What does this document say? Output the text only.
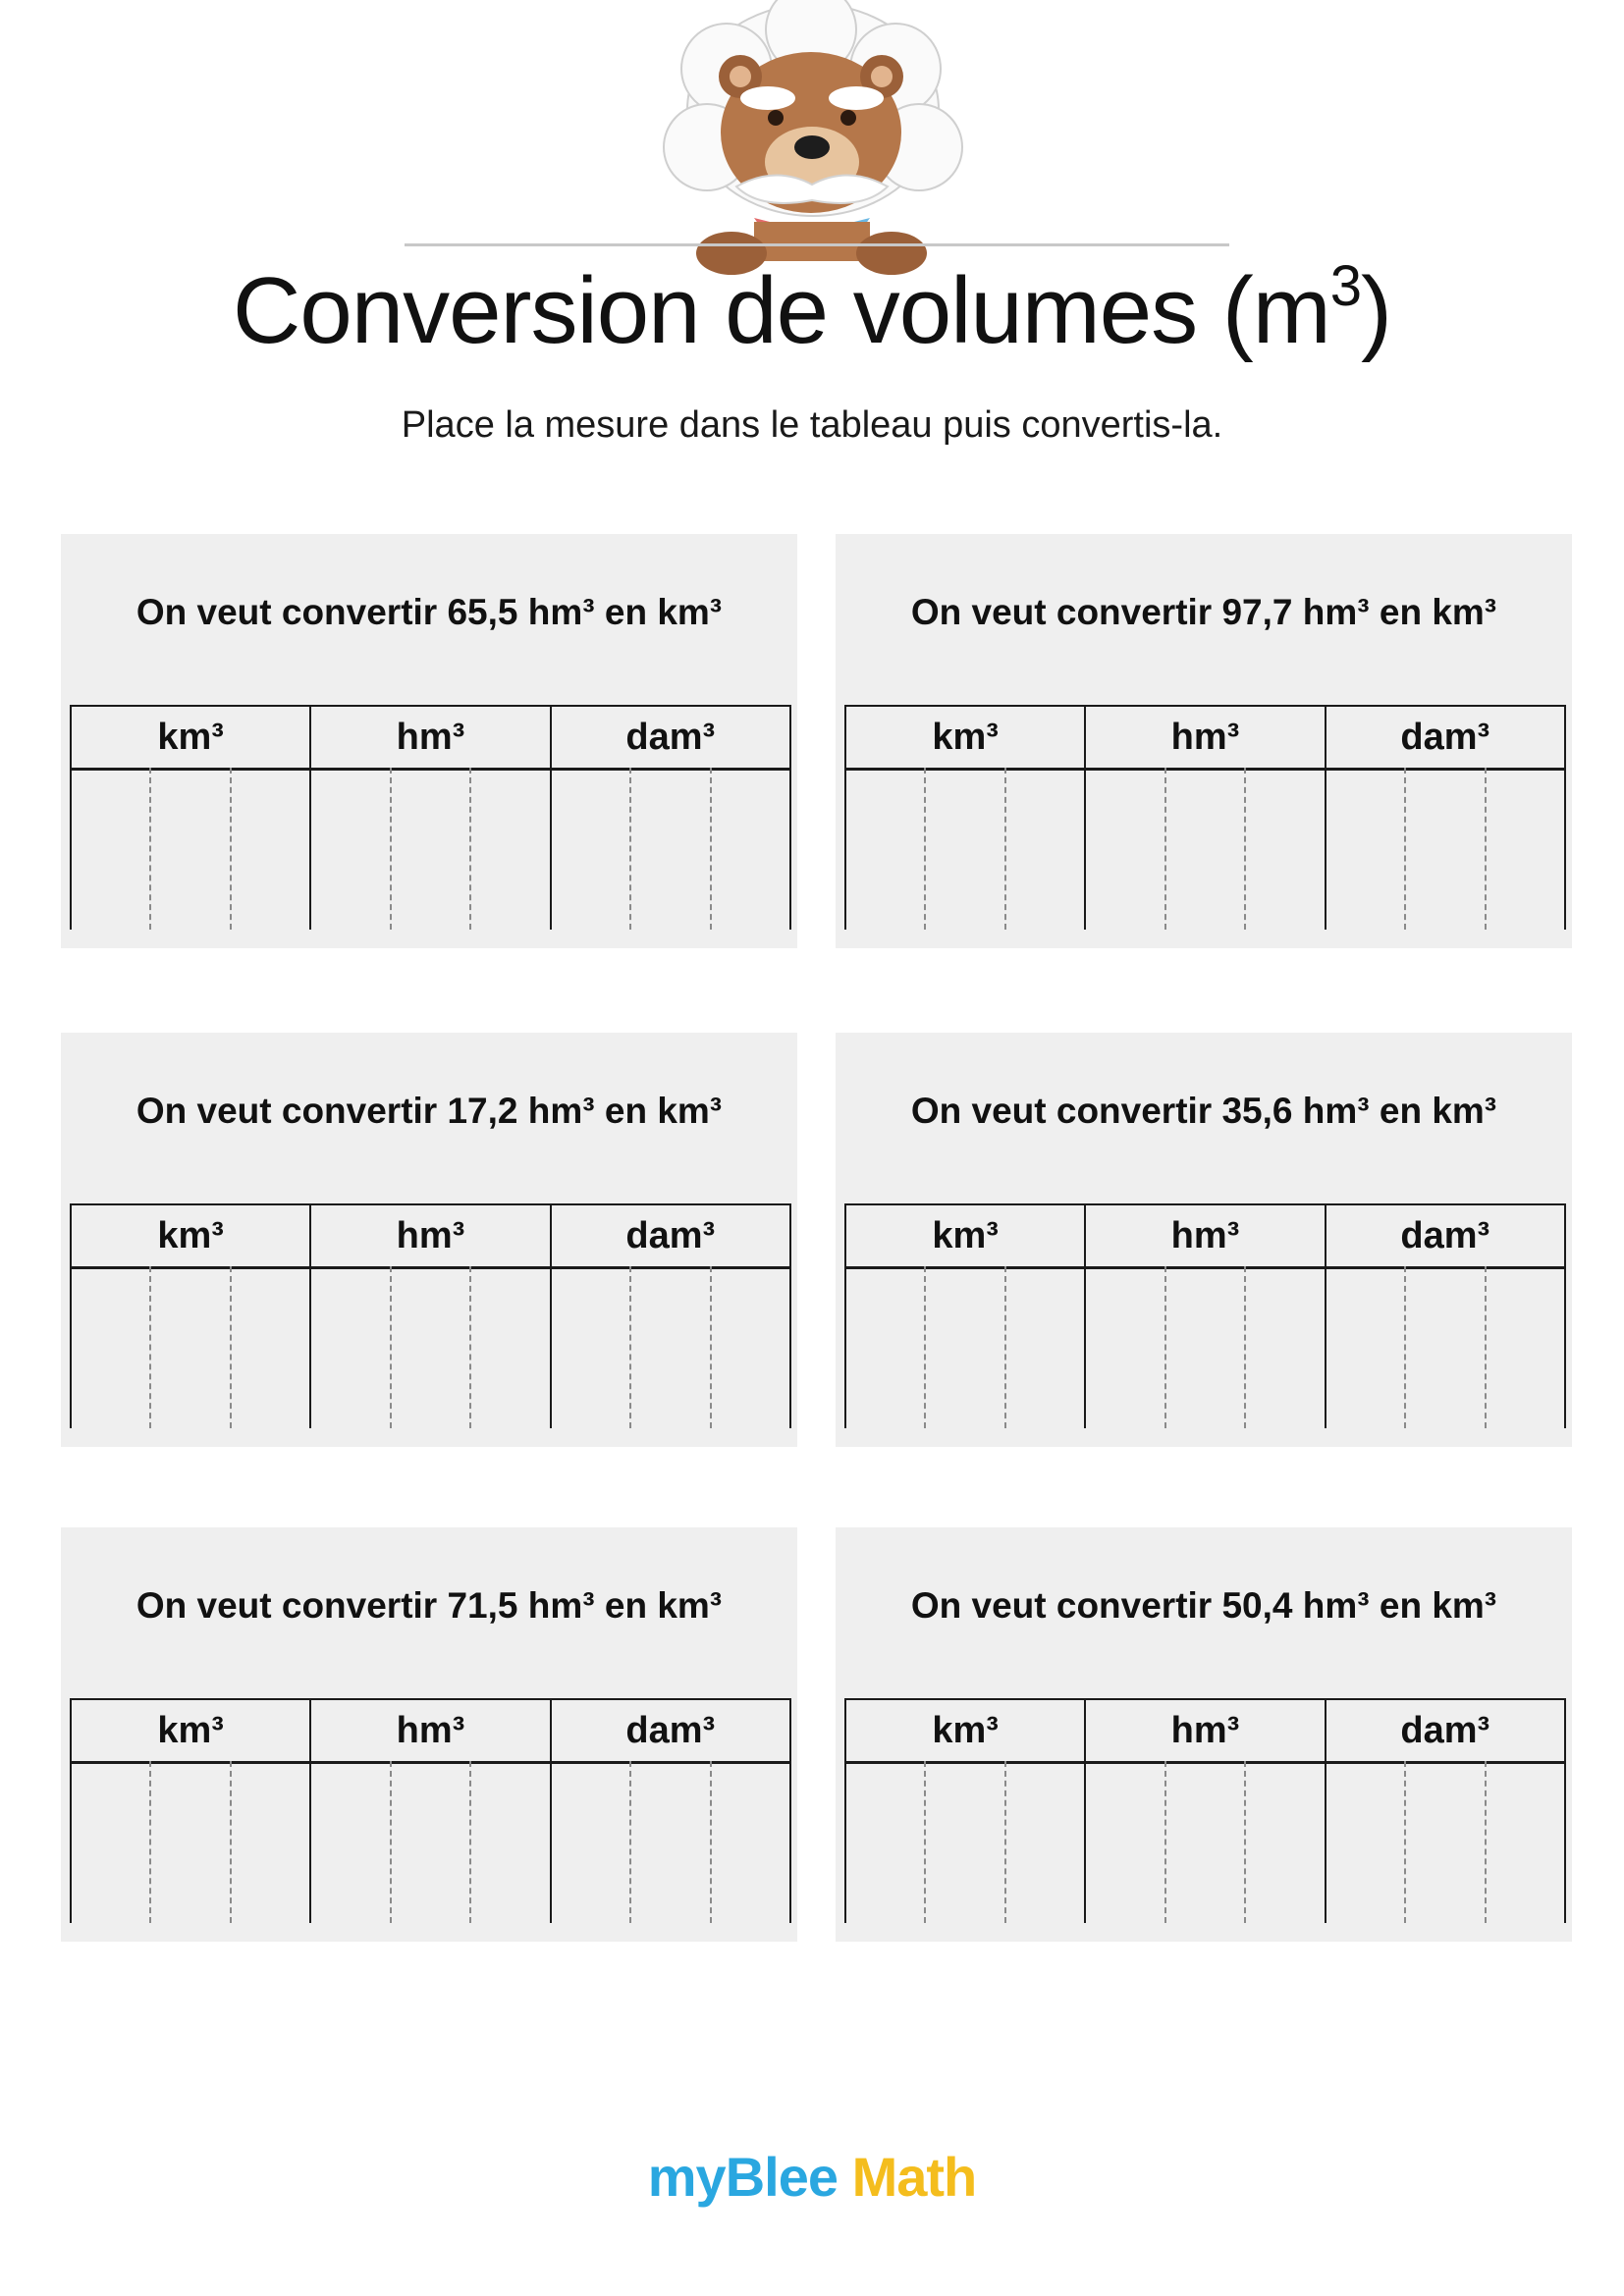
Conversion de volumes $(m^3)$
Place la mesure dans le tableau puis convertis-la.
On veut convertir 65,5 hm³ en km³
km³	hm³	dam³
On veut convertir 97,7 hm³ en km³
km³	hm³	dam³
On veut convertir 17,2 hm³ en km³
km³	hm³	dam³
On veut convertir 35,6 hm³ en km³
km³	hm³	dam³
On veut convertir 71,5 hm³ en km³
km³	hm³	dam³
On veut convertir 50,4 hm³ en km³
km³	hm³	dam³
myBlee Math
